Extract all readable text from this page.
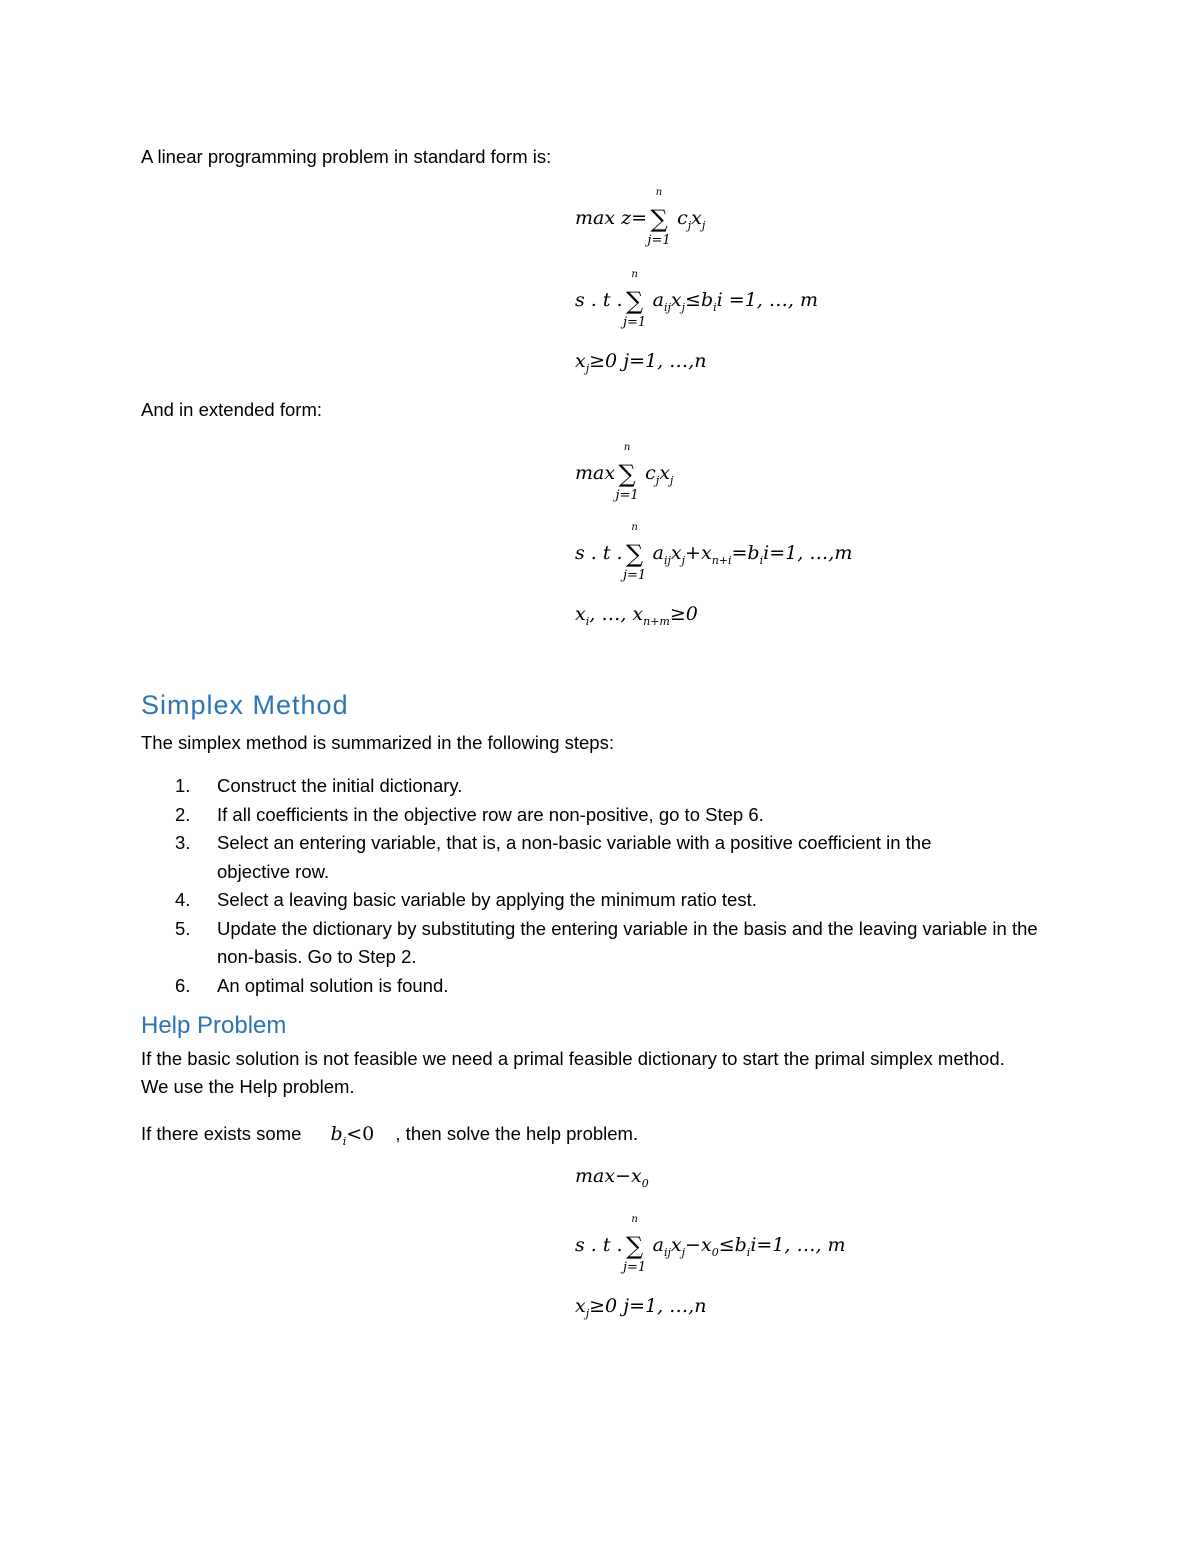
A linear programming problem in standard form is:
max z= ∑
n
j=1
$c_jx_j$
s . t . ∑
n
j=1
$a_{ij}x_j\le b_ii =1$, …, m
$x_j\ge 0$ j=1, …,n
And in extended form:
max ∑
n
j=1
$c_jx_j$
s . t . ∑
n
j=1
$a_{ij}x_j+x_{n+i}=b_ii=1$, …,m
$x_i$, …, $x_{n+m}\ge 0$
Simplex Method
The simplex method is summarized in the following steps:
1. Construct the initial dictionary.
2. If all coefficients in the objective row are non-positive, go to Step 6.
3. Select an entering variable, that is, a non-basic variable with a positive coefficient in the objective row.
4. Select a leaving basic variable by applying the minimum ratio test.
5. Update the dictionary by substituting the entering variable in the basis and the leaving variable in the non-basis. Go to Step 2.
6. An optimal solution is found.
Help Problem
If the basic solution is not feasible we need a primal feasible dictionary to start the primal simplex method. We use the Help problem.
If there exists some $b_i<0$ , then solve the help problem.
$\max-x_0$
s . t . ∑
n
j=1
$a_{ij}x_j-x_0\le b_ii=1$, …, m
$x_j\ge 0$ j=1, …,n
